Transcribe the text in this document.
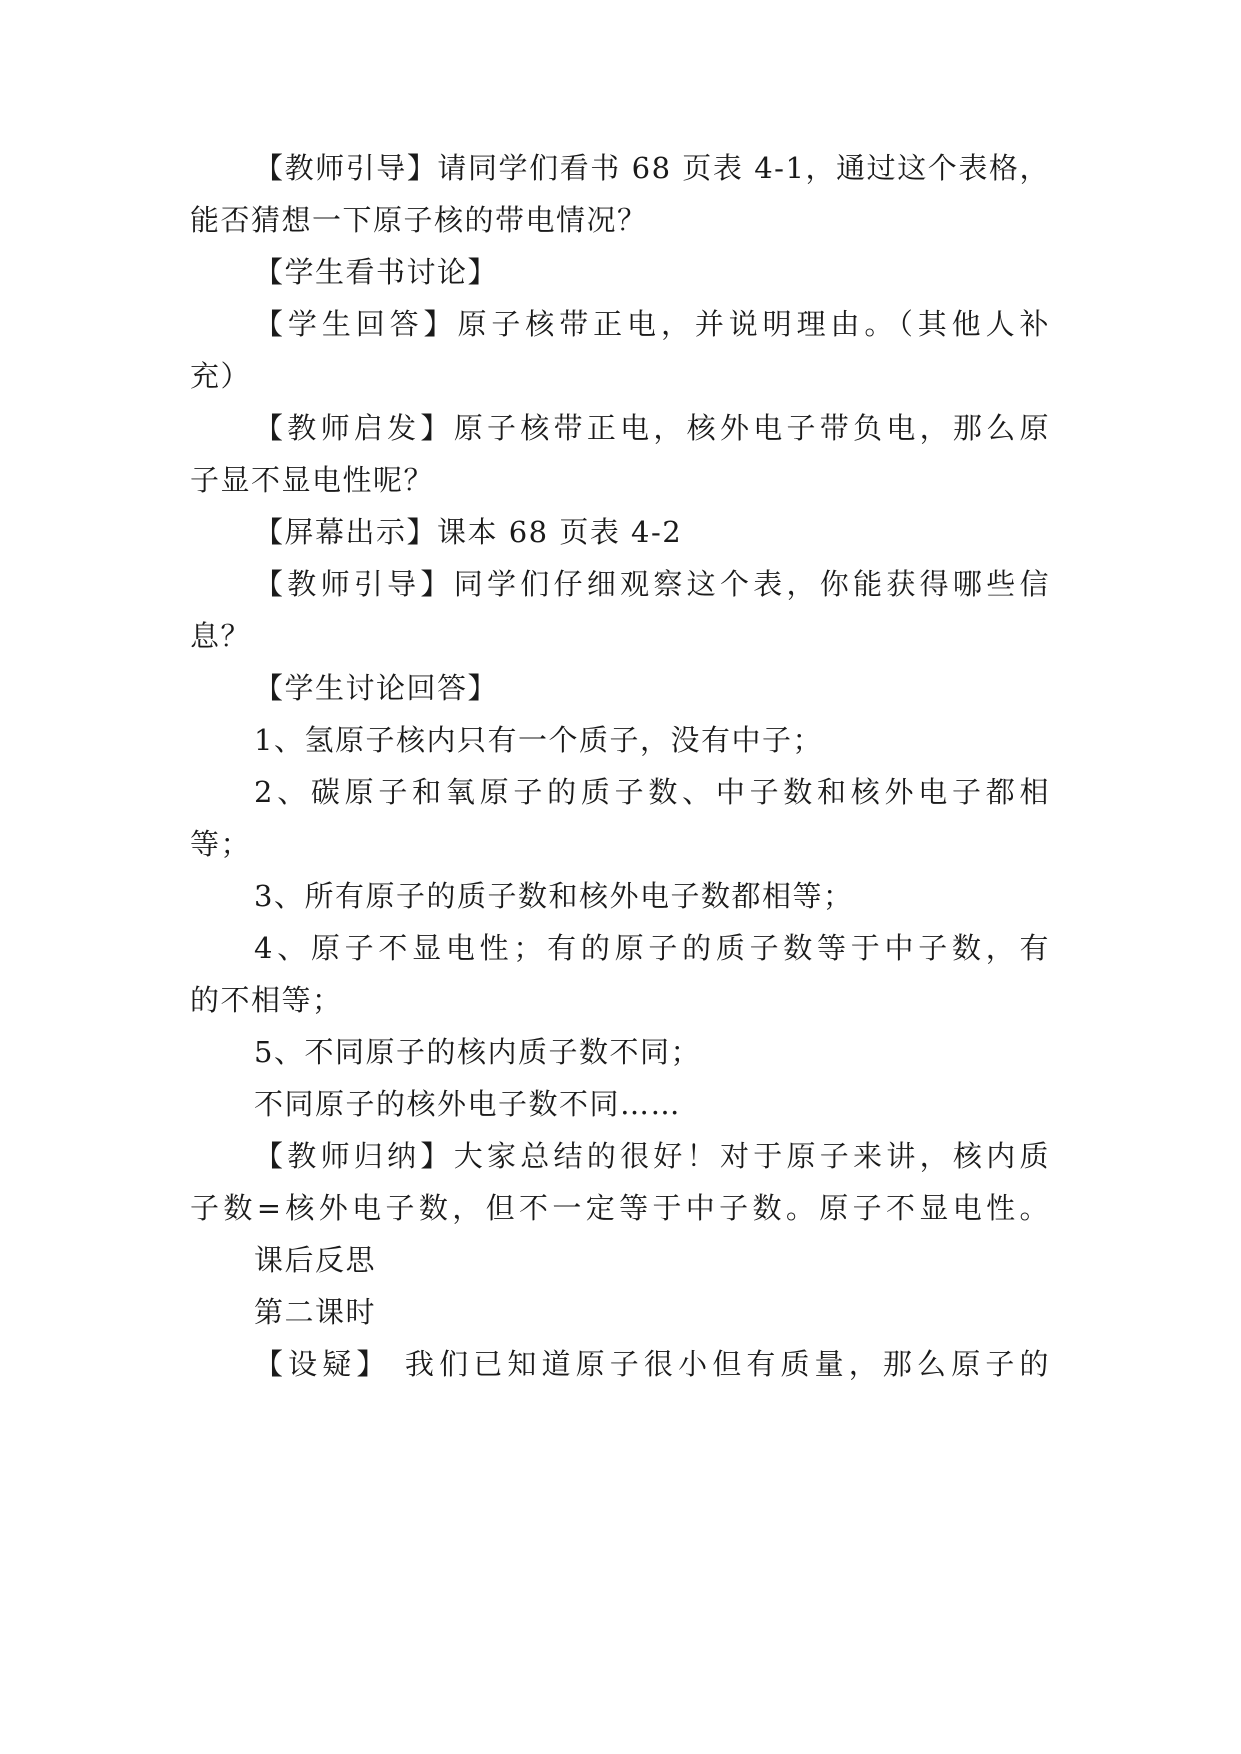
【教师引导】请同学们看书 68 页表 4-1，通过这个表格，
能否猜想一下原子核的带电情况？
【学生看书讨论】
【学生回答】原子核带正电，并说明理由。（其他人补
充）
【教师启发】原子核带正电，核外电子带负电，那么原
子显不显电性呢？
【屏幕出示】课本 68 页表 4-2
【教师引导】同学们仔细观察这个表，你能获得哪些信
息？
【学生讨论回答】
1、氢原子核内只有一个质子，没有中子；
2、碳原子和氧原子的质子数、中子数和核外电子都相
等；
3、所有原子的质子数和核外电子数都相等；
4、原子不显电性；有的原子的质子数等于中子数，有
的不相等；
5、不同原子的核内质子数不同；
不同原子的核外电子数不同……
【教师归纳】大家总结的很好！对于原子来讲，核内质
子数=核外电子数，但不一定等于中子数。原子不显电性。
课后反思
第二课时
【设疑】 我们已知道原子很小但有质量，那么原子的
